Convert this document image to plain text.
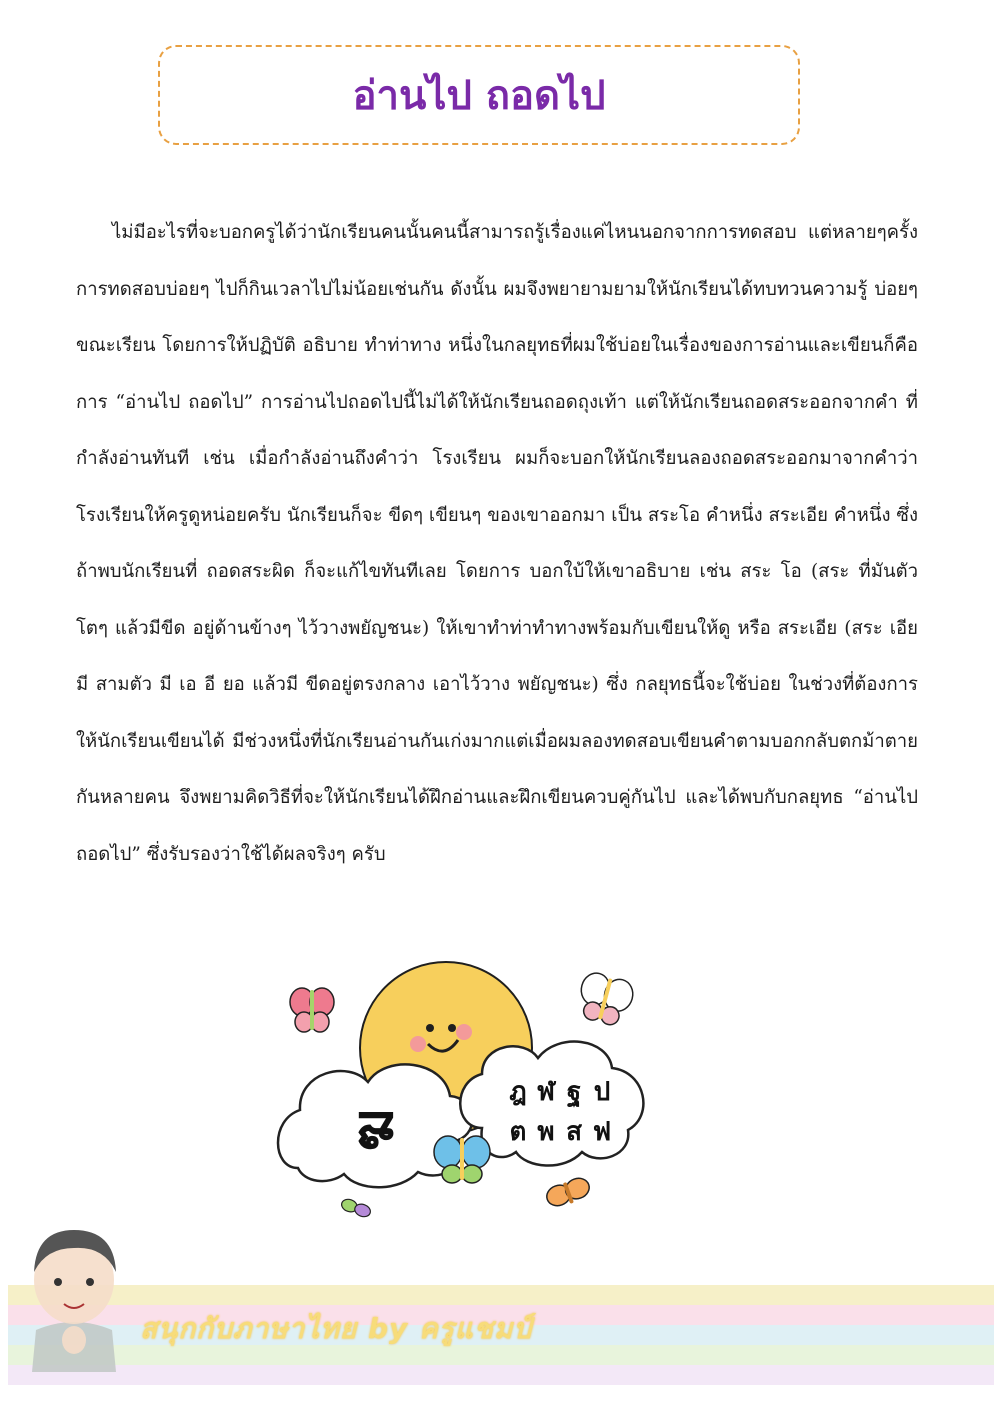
อ่านไป ถอดไป

ไม่มีอะไรที่จะบอกครูได้ว่านักเรียนคนนั้นคนนี้สามารถรู้เรื่องแค่ไหนนอกจากการทดสอบ แต่หลายๆครั้ง การทดสอบบ่อยๆ ไปก็กินเวลาไปไม่น้อยเช่นกัน ดังนั้น ผมจึงพยายามยามให้นักเรียนได้ทบทวนความรู้ บ่อยๆ ขณะเรียน โดยการให้ปฏิบัติ อธิบาย ทำท่าทาง หนึ่งในกลยุทธที่ผมใช้บ่อยในเรื่องของการอ่านและเขียนก็คือ การ “อ่านไป ถอดไป” การอ่านไปถอดไปนี้ไม่ได้ให้นักเรียนถอดถุงเท้า แต่ให้นักเรียนถอดสระออกจากคำ ที่กำลังอ่านทันที เช่น เมื่อกำลังอ่านถึงคำว่า โรงเรียน ผมก็จะบอกให้นักเรียนลองถอดสระออกมาจากคำว่าโรงเรียนให้ครูดูหน่อยครับ นักเรียนก็จะ ขีดๆ เขียนๆ ของเขาออกมา เป็น สระโอ คำหนึ่ง สระเอีย คำหนึ่ง ซึ่งถ้าพบนักเรียนที่ ถอดสระผิด ก็จะแก้ไขทันทีเลย โดยการ บอกใบ้ให้เขาอธิบาย เช่น สระ โอ (สระ ที่มันตัวโตๆ แล้วมีขีด อยู่ด้านข้างๆ ไว้วางพยัญชนะ) ให้เขาทำท่าทำทางพร้อมกับเขียนให้ดู หรือ สระเอีย (สระ เอีย มี สามตัว มี เอ อี ยอ แล้วมี ขีดอยู่ตรงกลาง เอาไว้วาง พยัญชนะ) ซึ่ง กลยุทธนี้จะใช้บ่อย ในช่วงที่ต้องการให้นักเรียนเขียนได้ มีช่วงหนึ่งที่นักเรียนอ่านกันเก่งมากแต่เมื่อผมลองทดสอบเขียนคำตามบอกกลับตกม้าตายกันหลายคน จึงพยามคิดวิธีที่จะให้นักเรียนได้ฝึกอ่านและฝึกเขียนควบคู่กันไป และได้พบกับกลยุทธ “อ่านไป ถอดไป” ซึ่งรับรองว่าใช้ได้ผลจริงๆ ครับ

ฆ
ฎ ฬ ฐ ป
ต พ ส ฟ
สนุกกับภาษาไทย by ครูแชมป์
